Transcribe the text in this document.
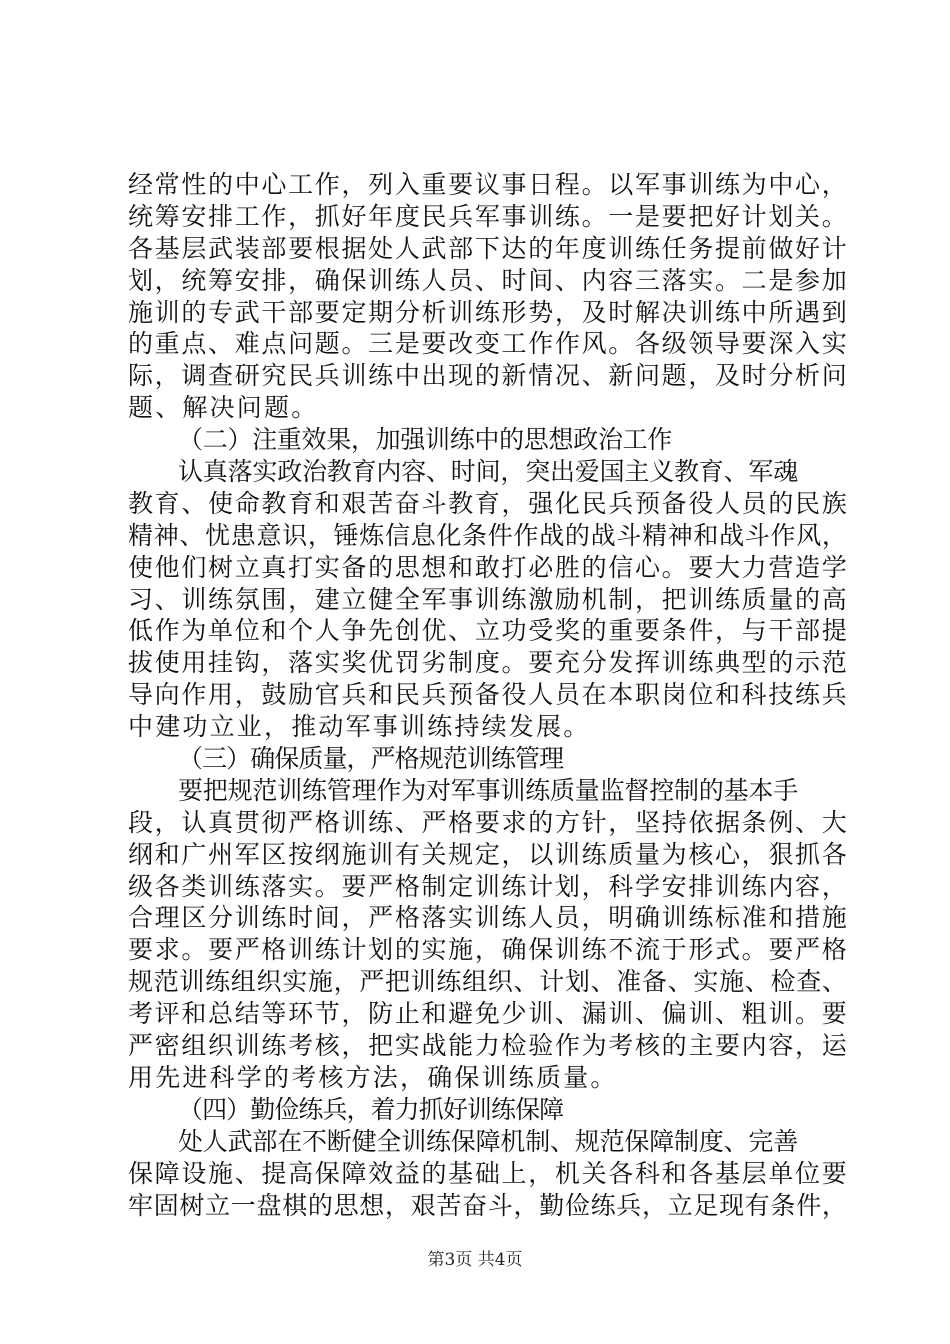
经常性的中心工作，列入重要议事日程。以军事训练为中心，
统筹安排工作，抓好年度民兵军事训练。一是要把好计划关。
各基层武装部要根据处人武部下达的年度训练任务提前做好计
划，统筹安排，确保训练人员、时间、内容三落实。二是参加
施训的专武干部要定期分析训练形势，及时解决训练中所遇到
的重点、难点问题。三是要改变工作作风。各级领导要深入实
际，调查研究民兵训练中出现的新情况、新问题，及时分析问
题、解决问题。
（二）注重效果，加强训练中的思想政治工作
认真落实政治教育内容、时间，突出爱国主义教育、军魂
教育、使命教育和艰苦奋斗教育，强化民兵预备役人员的民族
精神、忧患意识，锤炼信息化条件作战的战斗精神和战斗作风，
使他们树立真打实备的思想和敢打必胜的信心。要大力营造学
习、训练氛围，建立健全军事训练激励机制，把训练质量的高
低作为单位和个人争先创优、立功受奖的重要条件，与干部提
拔使用挂钩，落实奖优罚劣制度。要充分发挥训练典型的示范
导向作用，鼓励官兵和民兵预备役人员在本职岗位和科技练兵
中建功立业，推动军事训练持续发展。
（三）确保质量，严格规范训练管理
要把规范训练管理作为对军事训练质量监督控制的基本手
段，认真贯彻严格训练、严格要求的方针，坚持依据条例、大
纲和广州军区按纲施训有关规定，以训练质量为核心，狠抓各
级各类训练落实。要严格制定训练计划，科学安排训练内容，
合理区分训练时间，严格落实训练人员，明确训练标准和措施
要求。要严格训练计划的实施，确保训练不流于形式。要严格
规范训练组织实施，严把训练组织、计划、准备、实施、检查、
考评和总结等环节，防止和避免少训、漏训、偏训、粗训。要
严密组织训练考核，把实战能力检验作为考核的主要内容，运
用先进科学的考核方法，确保训练质量。
（四）勤俭练兵，着力抓好训练保障
处人武部在不断健全训练保障机制、规范保障制度、完善
保障设施、提高保障效益的基础上，机关各科和各基层单位要
牢固树立一盘棋的思想，艰苦奋斗，勤俭练兵，立足现有条件，
第3页 共4页
